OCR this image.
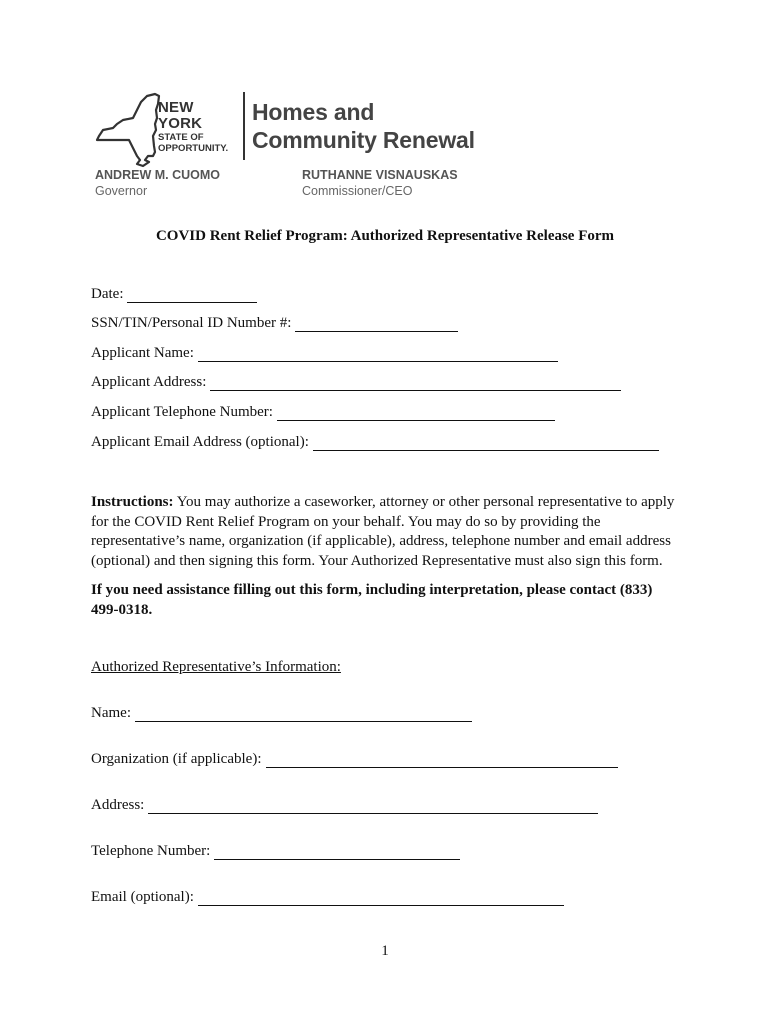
NEW YORK
STATE OF
OPPORTUNITY.
Homes and
Community Renewal
ANDREW M. CUOMO
Governor
RUTHANNE VISNAUSKAS
Commissioner/CEO
COVID Rent Relief Program: Authorized Representative Release Form
Date:
SSN/TIN/Personal ID Number #:
Applicant Name:
Applicant Address:
Applicant Telephone Number:
Applicant Email Address (optional):
Instructions: You may authorize a caseworker, attorney or other personal representative to apply for the COVID Rent Relief Program on your behalf. You may do so by providing the representative’s name, organization (if applicable), address, telephone number and email address (optional) and then signing this form. Your Authorized Representative must also sign this form.
If you need assistance filling out this form, including interpretation, please contact (833) 499-0318.
Authorized Representative’s Information:
Name:
Organization (if applicable):
Address:
Telephone Number:
Email (optional):
1
